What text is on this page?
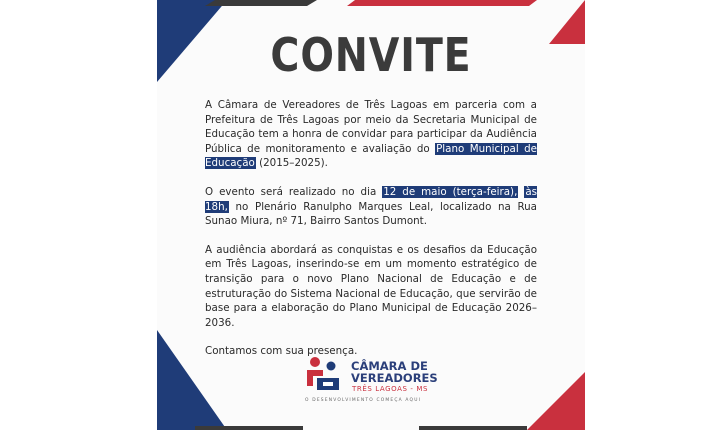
CONVITE

A Câmara de Vereadores de Três Lagoas em parceria com a Prefeitura de Três Lagoas por meio da Secretaria Municipal de Educação tem a honra de convidar para participar da Audiência Pública de monitoramento e avaliação do Plano Municipal de Educação (2015–2025).

O evento será realizado no dia 12 de maio (terça-feira), às 18h, no Plenário Ranulpho Marques Leal, localizado na Rua Sunao Miura, nº 71, Bairro Santos Dumont.

A audiência abordará as conquistas e os desafios da Educação em Três Lagoas, inserindo-se em um momento estratégico de transição para o novo Plano Nacional de Educação e de estruturação do Sistema Nacional de Educação, que servirão de base para a elaboração do Plano Municipal de Educação 2026–2036.

Contamos com sua presença.

CÂMARA DE
VEREADORES
TRÊS LAGOAS - MS
O DESENVOLVIMENTO COMEÇA AQUI
